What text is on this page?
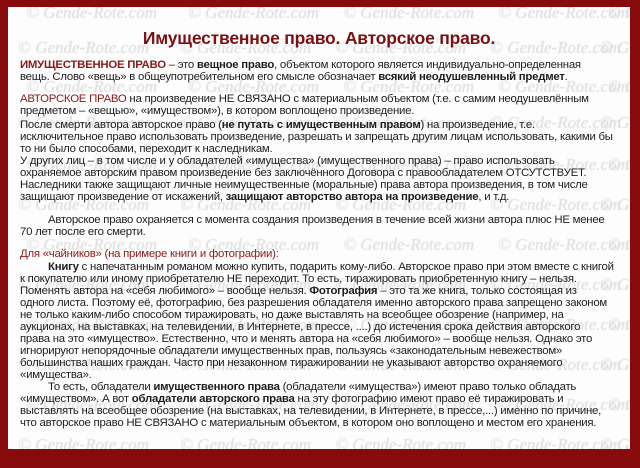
Имущественное право. Авторское право.
ИМУЩЕСТВЕННОЕ ПРАВО – это вещное право, объектом которого является индивидуально-определенная
вещь. Слово «вещь» в общеупотребительном его смысле обозначает всякий неодушевленный предмет.
АВТОРСКОЕ ПРАВО на произведение НЕ СВЯЗАНО с материальным объектом (т.е. с самим неодушевлённым
предметом – «вещью», «имуществом»), в котором воплощено произведение.
После смерти автора авторское право (не путать с имущественным правом) на произведение, т.е.
исключительное право использовать произведение, разрешать и запрещать другим лицам использовать, какими бы
то ни было способами, переходит к наследникам.
У других лиц – в том числе и у обладателей «имущества» (имущественного права) – право использовать
охраняемое авторским правом произведение без заключённого Договора с правообладателем ОТСУТСТВУЕТ.
Наследники также защищают личные неимущественные (моральные) права автора произведения, в том числе
защищают произведение от искажений, защищают авторство автора на произведение, и т.д.
Авторское право охраняется с момента создания произведения в течение всей жизни автора плюс НЕ менее
70 лет после его смерти.
Для «чайников» (на примере книги и фотографии):
Книгу с напечатанным романом можно купить, подарить кому-либо. Авторское право при этом вместе с книгой
к покупателю или иному приобретателю НЕ переходит. То есть, тиражировать приобретенную книгу – нельзя.
Поменять автора на «себя любимого» – вообще нельзя. Фотография – это та же книга, только состоящая из
одного листа. Поэтому её, фотографию, без разрешения обладателя именно авторского права запрещено законом
не только каким-либо способом тиражировать, но даже выставлять на всеобщее обозрение (например, на
аукционах, на выставках, на телевидении, в Интернете, в прессе, ....) до истечения срока действия авторского
права на это «имущество». Естественно, что и менять автора на «себя любимого» – вообще нельзя. Однако это
игнорируют непорядочные обладатели имущественных прав, пользуясь «законодательным невежеством»
большинства наших граждан. Часто при незаконном тиражировании не указывают авторство охраняемого
«имущества».
То есть, обладатели имущественного права (обладатели «имущества») имеют право только обладать
«имуществом». А вот обладатели авторского права на эту фотографию имеют право её тиражировать и
выставлять на всеобщее обозрение (на выставках, на телевидении, в Интернете, в прессе,...) именно по причине,
что авторское право НЕ СВЯЗАНО с материальным объектом, в котором оно воплощено и местом его хранения.
